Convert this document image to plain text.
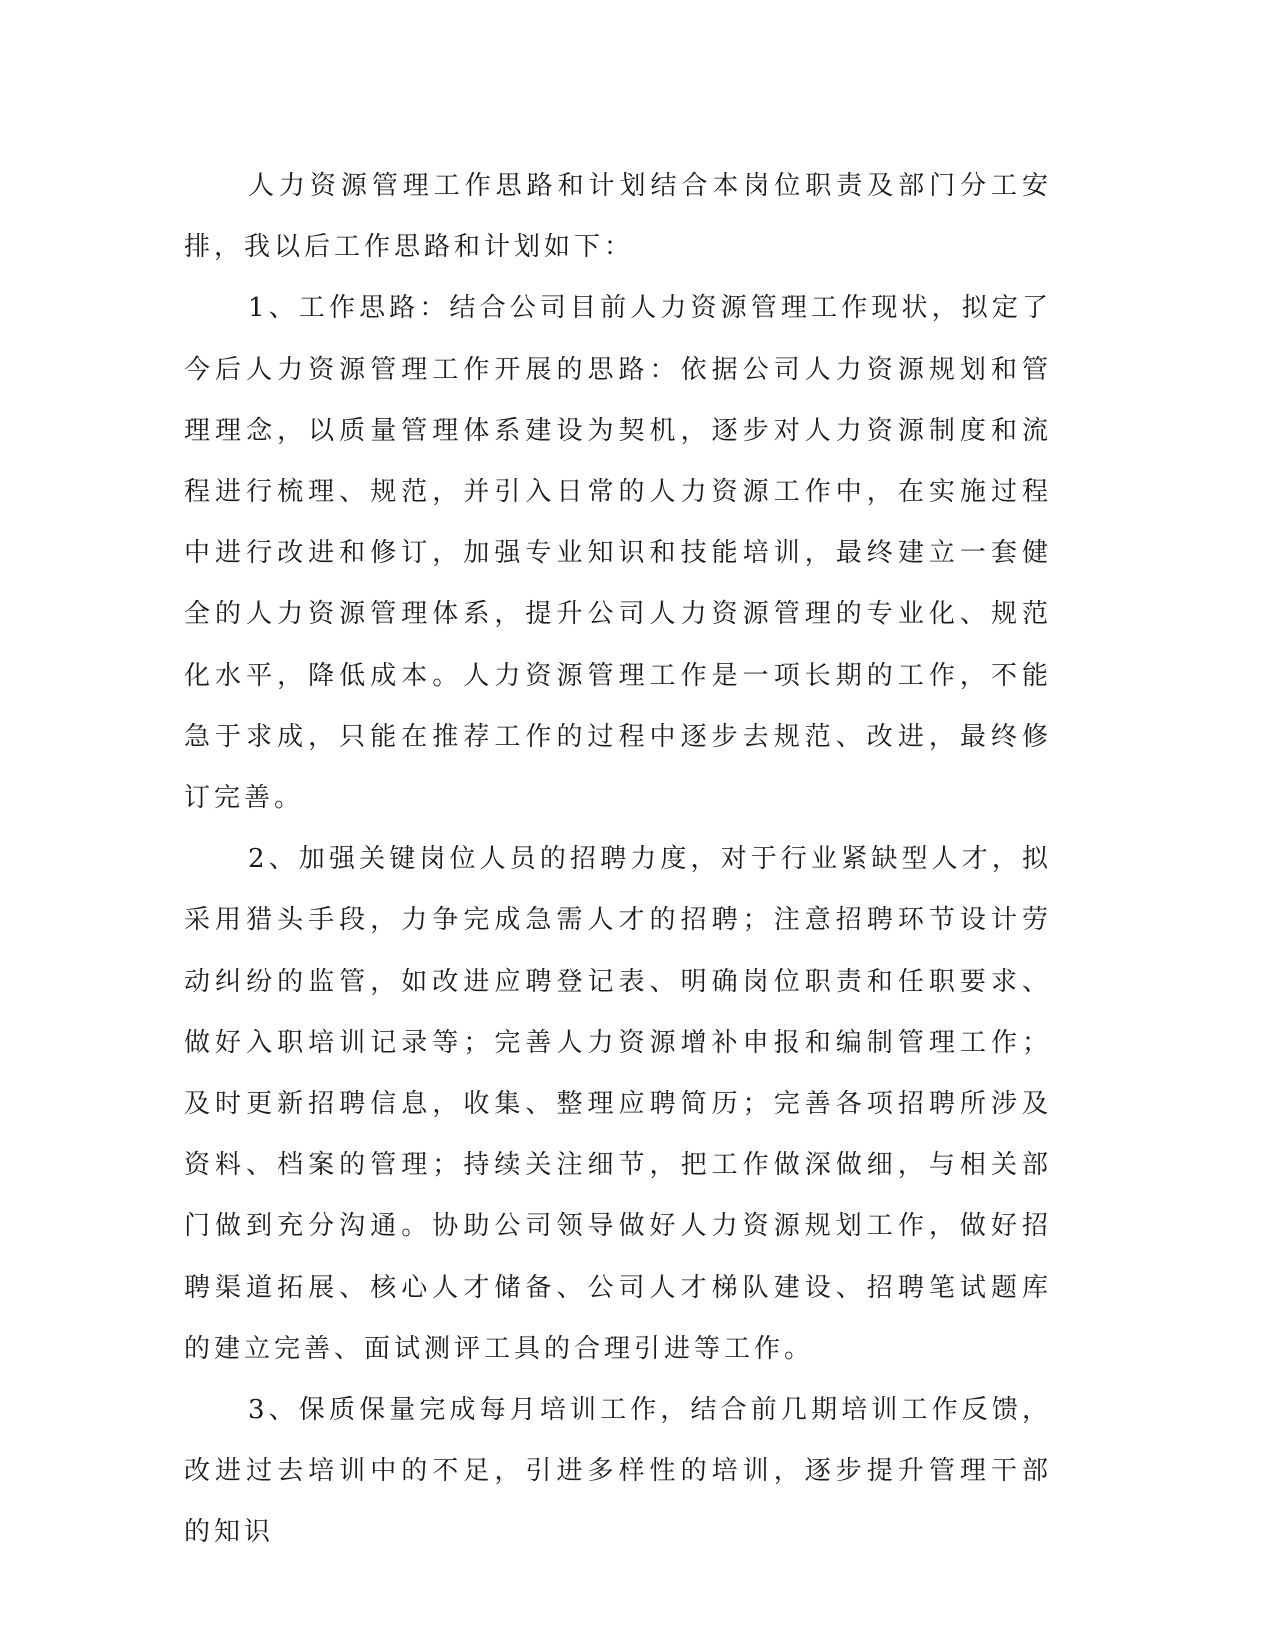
人力资源管理工作思路和计划结合本岗位职责及部门分工安排，我以后工作思路和计划如下：

1、工作思路：结合公司目前人力资源管理工作现状，拟定了今后人力资源管理工作开展的思路：依据公司人力资源规划和管理理念，以质量管理体系建设为契机，逐步对人力资源制度和流程进行梳理、规范，并引入日常的人力资源工作中，在实施过程中进行改进和修订，加强专业知识和技能培训，最终建立一套健全的人力资源管理体系，提升公司人力资源管理的专业化、规范化水平，降低成本。人力资源管理工作是一项长期的工作，不能急于求成，只能在推荐工作的过程中逐步去规范、改进，最终修订完善。

2、加强关键岗位人员的招聘力度，对于行业紧缺型人才，拟采用猎头手段，力争完成急需人才的招聘；注意招聘环节设计劳动纠纷的监管，如改进应聘登记表、明确岗位职责和任职要求、做好入职培训记录等；完善人力资源增补申报和编制管理工作；及时更新招聘信息，收集、整理应聘简历；完善各项招聘所涉及资料、档案的管理；持续关注细节，把工作做深做细，与相关部门做到充分沟通。协助公司领导做好人力资源规划工作，做好招聘渠道拓展、核心人才储备、公司人才梯队建设、招聘笔试题库的建立完善、面试测评工具的合理引进等工作。

3、保质保量完成每月培训工作，结合前几期培训工作反馈，改进过去培训中的不足，引进多样性的培训，逐步提升管理干部的知识
